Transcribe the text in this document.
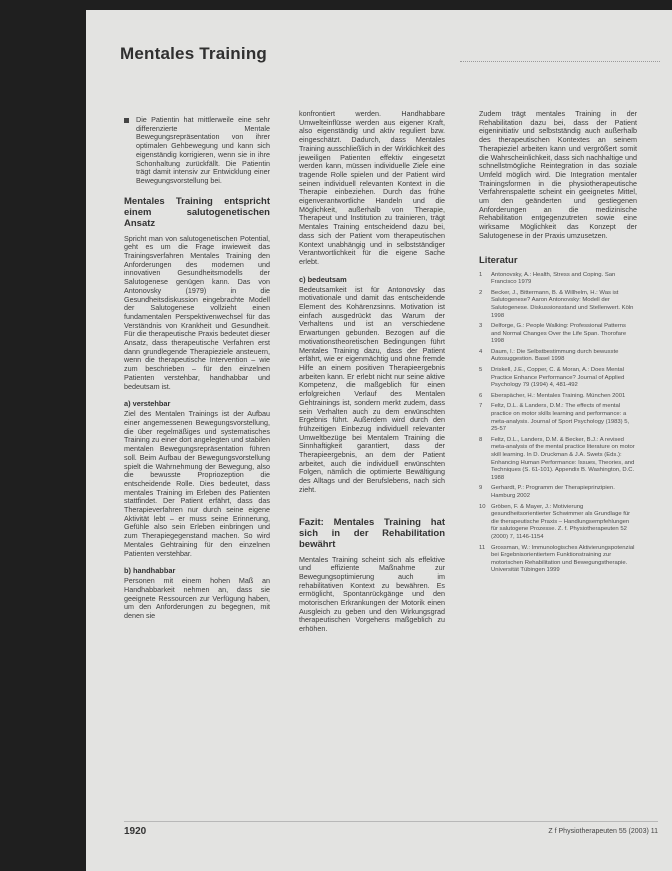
Mentales Training

Die Patientin hat mittlerweile eine sehr differenzierte Mentale Bewegungsrepräsentation von ihrer optimalen Gehbewegung und kann sich eigenständig korrigieren, wenn sie in ihre Schonhaltung zurückfällt. Die Patientin trägt damit intensiv zur Entwicklung einer Bewegungsvorstellung bei.

Mentales Training entspricht einem salutogenetischen Ansatz

Spricht man von salutogenetischen Potential, geht es um die Frage inwieweit das Trainingsverfahren Mentales Training den Anforderungen des modernen und innovativen Gesundheitsmodells der Salutogenese genügen kann. Das von Antonovsky (1979) in die Gesundheitsdiskussion eingebrachte Modell der Salutogenese vollzieht einen fundamentalen Perspektivenwechsel für das Verständnis von Krankheit und Gesundheit. Für die therapeutische Praxis bedeutet dieser Ansatz, dass therapeutische Verfahren erst dann grundlegende Therapieziele ansteuern, wenn die therapeutische Intervention – wie zum beschrieben – für den einzelnen Patienten verstehbar, handhabbar und bedeutsam ist.

a) verstehbar

Ziel des Mentalen Trainings ist der Aufbau einer angemessenen Bewegungsvorstellung, die über regelmäßiges und systematisches Training zu einer dort angelegten und stabilen mentalen Bewegungsrepräsentation führen soll. Beim Aufbau der Bewegungsvorstellung spielt die Wahrnehmung der Bewegung, also die bewusste Propriozeption die entscheidende Rolle. Dies bedeutet, dass mentales Training im Erleben des Patienten stattfindet. Der Patient erfährt, dass das Therapieverfahren nur durch seine eigene Aktivität lebt – er muss seine Erinnerung, Gefühle also sein Erleben einbringen und zum Therapiegegenstand machen. So wird Mentales Gehtraining für den einzelnen Patienten verstehbar.

b) handhabbar

Personen mit einem hohen Maß an Handhabbarkeit nehmen an, dass sie geeignete Ressourcen zur Verfügung haben, um den Anforderungen zu begegnen, mit denen sie

konfrontiert werden. Handhabbare Umwelteinflüsse werden aus eigener Kraft, also eigenständig und aktiv reguliert bzw. eingeschätzt. Dadurch, dass Mentales Training ausschließlich in der Wirklichkeit des jeweiligen Patienten effektiv eingesetzt werden kann, müssen individuelle Ziele eine tragende Rolle spielen und der Patient wird seinen individuell relevanten Kontext in die Therapie einbeziehen. Durch das frühe eigenverantwortliche Handeln und die Möglichkeit, außerhalb von Therapie, Therapeut und Institution zu trainieren, trägt Mentales Training entscheidend dazu bei, dass sich der Patient vom therapeutischen Kontext unabhängig und in selbstständiger Verantwortlichkeit für die eigene Sache erlebt.

c) bedeutsam

Bedeutsamkeit ist für Antonovsky das motivationale und damit das entscheidende Element des Kohärenzsinns. Motivation ist einfach ausgedrückt das Warum der Verhaltens und ist an verschiedene Erwartungen gebunden. Bezogen auf die motivationstheoretischen Bedingungen führt Mentales Training dazu, dass der Patient erfährt, wie er eigenmächtig und ohne fremde Hilfe an einem positiven Therapieergebnis arbeiten kann. Er erlebt nicht nur seine aktive Kompetenz, die maßgeblich für einen erfolgreichen Verlauf des Mentalen Gehtrainings ist, sondern merkt zudem, dass sein Verhalten auch zu dem erwünschten Ergebnis führt. Außerdem wird durch den frühzeitigen Einbezug individuell relevanter Umweltbezüge bei Mentalem Training die Sinnhaftigkeit garantiert, dass der Therapieergebnis, an dem der Patient arbeitet, auch die individuell erwünschten Folgen, nämlich die optimierte Bewältigung des Alltags und der Berufslebens, nach sich zieht.

Fazit: Mentales Training hat sich in der Rehabilitation bewährt

Mentales Training scheint sich als effektive und effiziente Maßnahme zur Bewegungsoptimierung auch im rehabilitativen Kontext zu bewähren. Es ermöglicht, Spontanrückgänge und den motorischen Erkrankungen der Motorik einen Ausgleich zu geben und den Wirkungsgrad therapeutischen Vorgehens maßgeblich zu erhöhen.

Zudem trägt mentales Training in der Rehabilitation dazu bei, dass der Patient eigeninitiativ und selbstständig auch außerhalb des therapeutischen Kontextes an seinem Therapieziel arbeiten kann und vergrößert somit die Wahrscheinlichkeit, dass sich nachhaltige und schnellstmögliche Reintegration in das soziale Umfeld möglich wird. Die Integration mentaler Trainingsformen in die physiotherapeutische Verfahrenspalette scheint ein geeignetes Mittel, um den geänderten und gestiegenen Anforderungen an die medizinische Rehabilitation entgegenzutreten sowie eine wirksame Möglichkeit das Konzept der Salutogenese in der Praxis umzusetzen.

Literatur
1 Antonovsky, A.: Health, Stress and Coping. San Francisco 1979
2 Becker, J., Bittermann, B. & Willhelm, H.: Was ist Salutogenese? Aaron Antonovsky: Modell der Salutogenese. Diskussionsstand und Stellenwert. Köln 1998
3 Delforge, G.: People Walking: Professional Patterns and Normal Changes Over the Life Span. Thorofare 1998
4 Daum, I.: Die Selbstbestimmung durch bewusste Autosuggestion. Basel 1998
5 Driskell, J.E., Copper, C. & Moran, A.: Does Mental Practice Enhance Performance? Journal of Applied Psychology 79 (1994) 4, 481-492
6 Eberspächer, H.: Mentales Training. München 2001
7 Feltz, D.L. & Landers, D.M.: The effects of mental practice on motor skills learning and performance: a meta-analysis. Journal of Sport Psychology (1983) 5, 25-57
8 Feltz, D.L., Landers, D.M. & Becker, B.J.: A revised meta-analysis of the mental practice literature on motor skill learning. In D. Druckman & J.A. Swets (Eds.): Enhancing Human Performance: Issues, Theories, and Techniques (S. 61-101). Appendix B. Washington, D.C. 1988
9 Gerhardt, P.: Programm der Therapieprinzipien. Hamburg 2002
10 Gröben, F. & Mayer, J.: Motivierung gesundheitsorientierter Schwimmer als Grundlage für die therapeutische Praxis – Handlungsempfehlungen für salutogene Prozesse. Z. f. Physiotherapeuten 52 (2000) 7, 1146-1154
11 Grossman, W.: Immunologisches Aktivierungspotenzial bei Ergebnisorientiertem Funktionstraining zur motorischen Rehabilitation und Bewegungstherapie. Universität Tübingen 1999
1920	Z f Physiotherapeuten 55 (2003) 11
